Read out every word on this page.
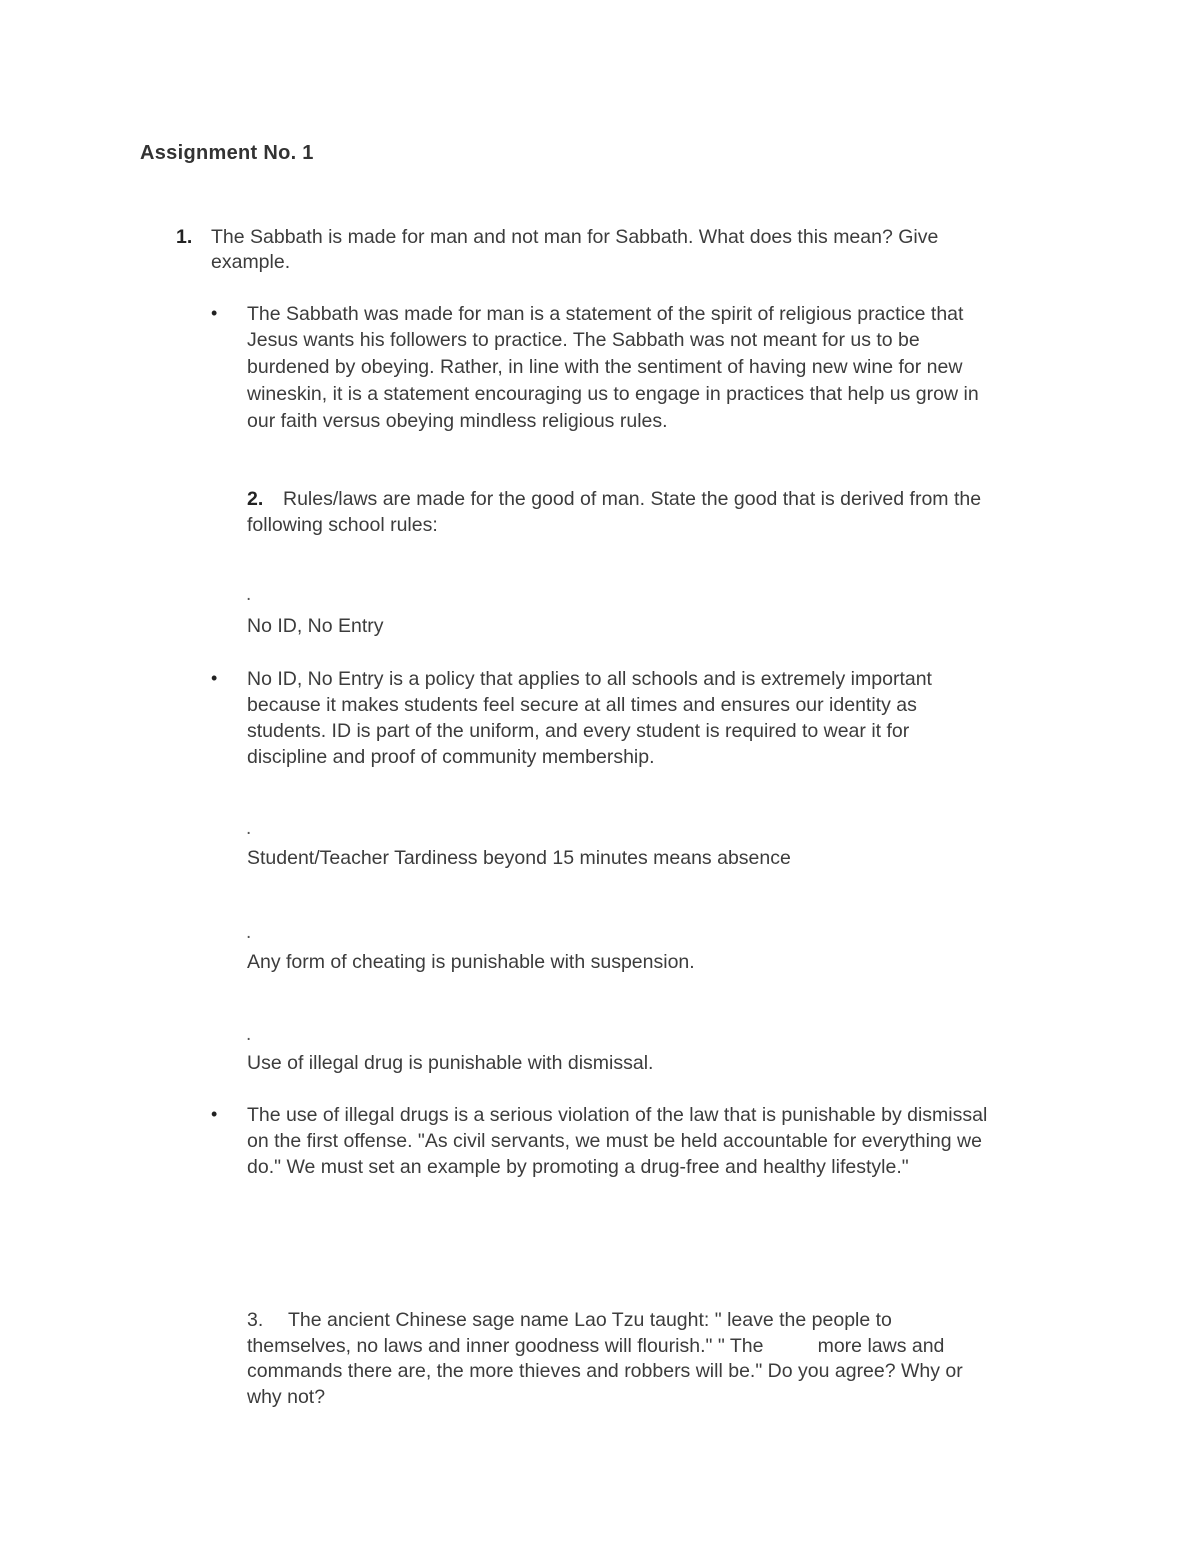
Assignment No. 1
1. The Sabbath is made for man and not man for Sabbath. What does this mean? Give
example.
• The Sabbath was made for man is a statement of the spirit of religious practice that
Jesus wants his followers to practice. The Sabbath was not meant for us to be
burdened by obeying. Rather, in line with the sentiment of having new wine for new
wineskin, it is a statement encouraging us to engage in practices that help us grow in
our faith versus obeying mindless religious rules.
2. Rules/laws are made for the good of man. State the good that is derived from the
following school rules:
.
No ID, No Entry
• No ID, No Entry is a policy that applies to all schools and is extremely important
because it makes students feel secure at all times and ensures our identity as
students. ID is part of the uniform, and every student is required to wear it for
discipline and proof of community membership.
.
Student/Teacher Tardiness beyond 15 minutes means absence
.
Any form of cheating is punishable with suspension.
.
Use of illegal drug is punishable with dismissal.
• The use of illegal drugs is a serious violation of the law that is punishable by dismissal
on the first offense. "As civil servants, we must be held accountable for everything we
do." We must set an example by promoting a drug-free and healthy lifestyle."
3. The ancient Chinese sage name Lao Tzu taught: " leave the people to
themselves, no laws and inner goodness will flourish." " The          more laws and
commands there are, the more thieves and robbers will be." Do you agree? Why or
why not?
